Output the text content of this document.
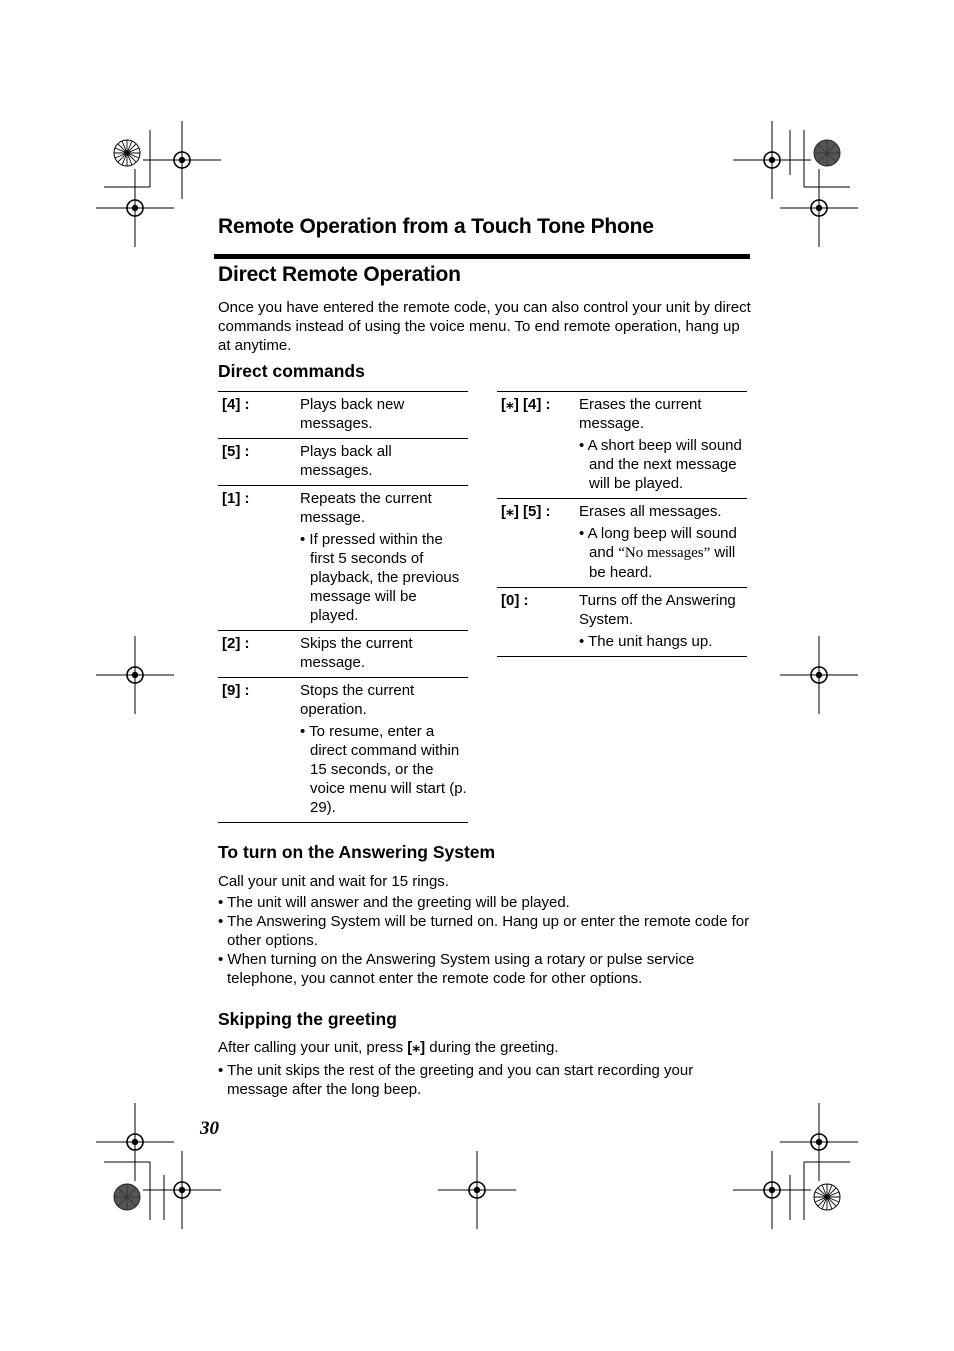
Remote Operation from a Touch Tone Phone
Direct Remote Operation
Once you have entered the remote code, you can also control your unit by direct commands instead of using the voice menu. To end remote operation, hang up at anytime.
Direct commands
[4] :	Plays back new messages.
[5] :	Plays back all messages.
[1] :	Repeats the current message.
• If pressed within the first 5 seconds of playback, the previous message will be played.
[2] :	Skips the current message.
[9] :	Stops the current operation.
• To resume, enter a direct command within 15 seconds, or the voice menu will start (p. 29).
[⁎] [4] :	Erases the current message.
• A short beep will sound and the next message will be played.
[⁎] [5] :	Erases all messages.
• A long beep will sound and “No messages” will be heard.
[0] :	Turns off the Answering System.
• The unit hangs up.
To turn on the Answering System
Call your unit and wait for 15 rings.
• The unit will answer and the greeting will be played.
• The Answering System will be turned on. Hang up or enter the remote code for other options.
• When turning on the Answering System using a rotary or pulse service telephone, you cannot enter the remote code for other options.
Skipping the greeting
After calling your unit, press [⁎] during the greeting.
• The unit skips the rest of the greeting and you can start recording your message after the long beep.
30
